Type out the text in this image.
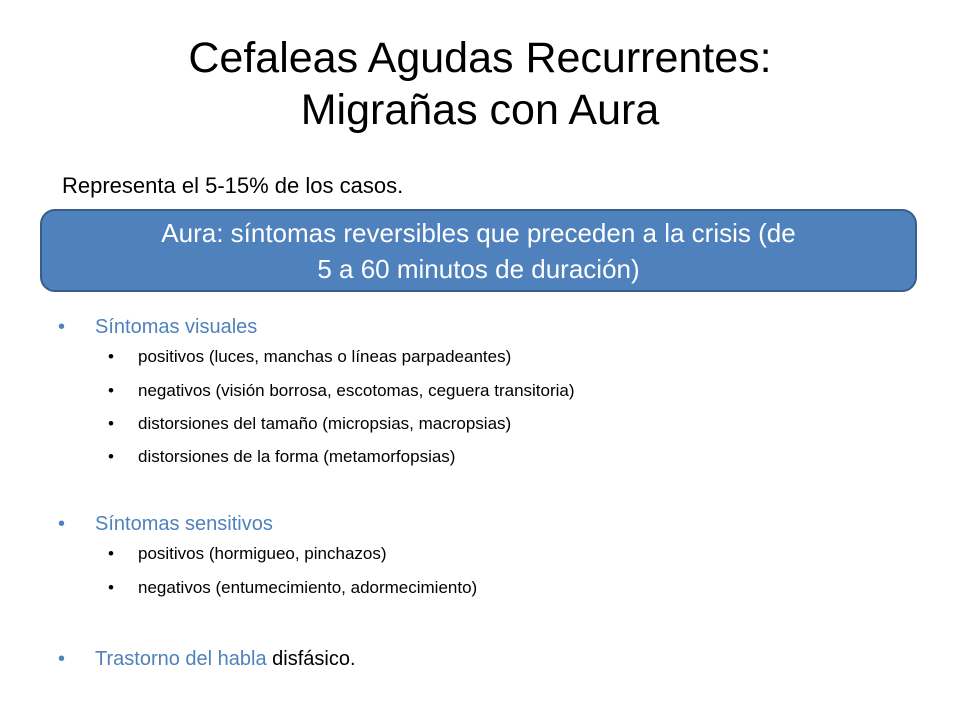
Cefaleas Agudas Recurrentes:
Migrañas con Aura
Representa el 5-15% de los casos.
Aura: síntomas reversibles que preceden a la crisis (de
5 a 60 minutos de duración)
• Síntomas visuales
• positivos (luces, manchas o líneas parpadeantes)
• negativos (visión borrosa, escotomas, ceguera transitoria)
• distorsiones del tamaño (micropsias, macropsias)
• distorsiones de la forma (metamorfopsias)
• Síntomas sensitivos
• positivos (hormigueo, pinchazos)
• negativos (entumecimiento, adormecimiento)
• Trastorno del habla disfásico.
